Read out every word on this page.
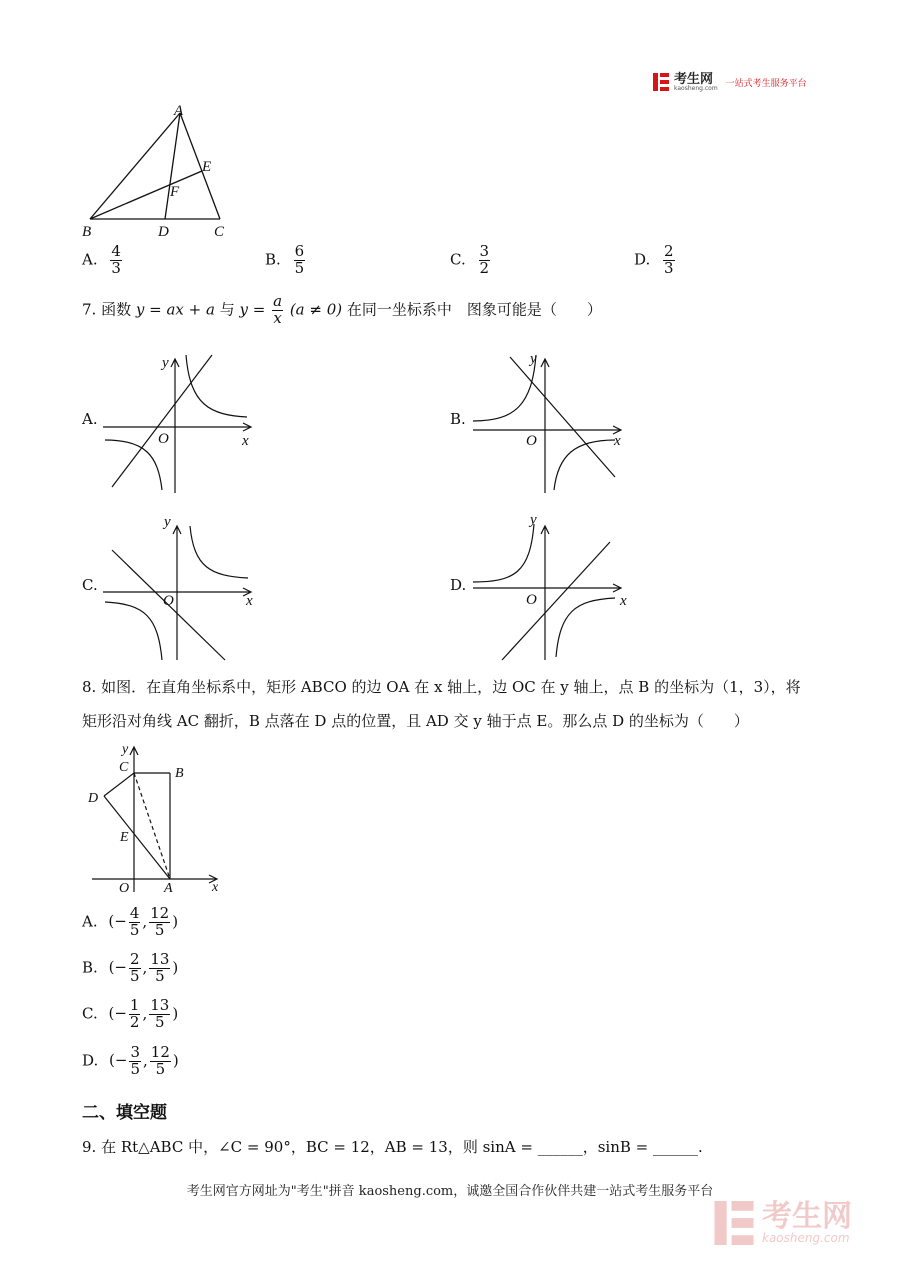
考生网
kaosheng.com 一站式考生服务平台
A
B	C
D
E
F
A. $\frac{4}{3}$	B. $\frac{6}{5}$	C. $\frac{3}{2}$	D. $\frac{2}{3}$
7. 函数 y = ax + a 与 $y = \frac{a}{x} (a \ne 0)$ 在同一坐标系中　图象可能是（　　）
A.	B.
C.	D.
y
x
O
y
x
O
y
x
O
y
x
O
8. 如图．在直角坐标系中，矩形 ABCO 的边 OA 在 x 轴上，边 OC 在 y 轴上，点 B 的坐标为（1，3），将
矩形沿对角线 AC 翻折，B 点落在 D 点的位置，且 AD 交 y 轴于点 E。那么点 D 的坐标为（　　）
y
x
C	B
D
E
O A
A. (− $\frac{4}{5}$ , $\frac{12}{5}$ )
B. (− $\frac{2}{5}$ , $\frac{13}{5}$ )
C. (− $\frac{1}{2}$ , $\frac{13}{5}$ )
D. (− $\frac{3}{5}$ , $\frac{12}{5}$ )
二、填空题
9. 在 Rt△ABC 中，∠C = 90°，BC = 12，AB = 13，则 sinA = ______，sinB = ______.
考生网官方网址为"考生"拼音 kaosheng.com，诚邀全国合作伙伴共建一站式考生服务平台
考生网
kaosheng.com
